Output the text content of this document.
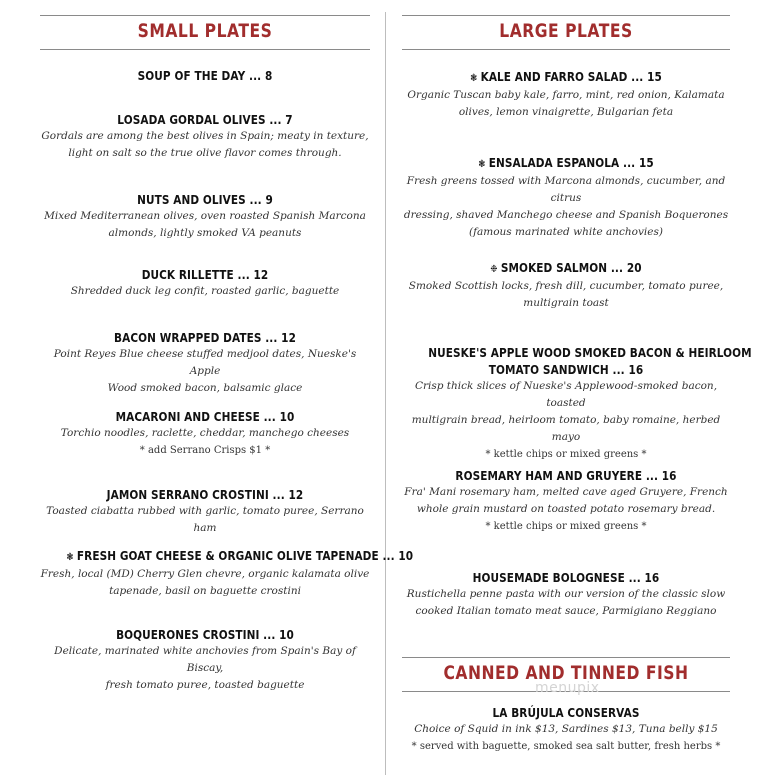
SMALL PLATES
SOUP OF THE DAY ... 8
LOSADA GORDAL OLIVES ... 7
Gordals are among the best olives in Spain; meaty in texture,
light on salt so the true olive flavor comes through.
NUTS AND OLIVES ... 9
Mixed Mediterranean olives, oven roasted Spanish Marcona
almonds, lightly smoked VA peanuts
DUCK RILLETTE ... 12
Shredded duck leg confit, roasted garlic, baguette
BACON WRAPPED DATES ... 12
Point Reyes Blue cheese stuffed medjool dates, Nueske's Apple
Wood smoked bacon, balsamic glace
MACARONI AND CHEESE ... 10
Torchio noodles, raclette, cheddar, manchego cheeses
* add Serrano Crisps $1 *
JAMON SERRANO CROSTINI ... 12
Toasted ciabatta rubbed with garlic, tomato puree, Serrano ham
❃ FRESH GOAT CHEESE & ORGANIC OLIVE TAPENADE ... 10
Fresh, local (MD) Cherry Glen chevre, organic kalamata olive
tapenade, basil on baguette crostini
BOQUERONES CROSTINI ... 10
Delicate, marinated white anchovies from Spain's Bay of Biscay,
fresh tomato puree, toasted baguette
LARGE PLATES
❃ KALE AND FARRO SALAD ... 15
Organic Tuscan baby kale, farro, mint, red onion, Kalamata
olives, lemon vinaigrette, Bulgarian feta
❃ ENSALADA ESPANOLA ... 15
Fresh greens tossed with Marcona almonds, cucumber, and citrus
dressing, shaved Manchego cheese and Spanish Boquerones
(famous marinated white anchovies)
❉ SMOKED SALMON ... 20
Smoked Scottish locks, fresh dill, cucumber, tomato puree,
multigrain toast
NUESKE'S APPLE WOOD SMOKED BACON & HEIRLOOM
TOMATO SANDWICH ... 16
Crisp thick slices of Nueske's Applewood-smoked bacon, toasted
multigrain bread, heirloom tomato, baby romaine, herbed mayo
* kettle chips or mixed greens *
ROSEMARY HAM AND GRUYERE ... 16
Fra' Mani rosemary ham, melted cave aged Gruyere, French
whole grain mustard on toasted potato rosemary bread.
* kettle chips or mixed greens *
HOUSEMADE BOLOGNESE ... 16
Rustichella penne pasta with our version of the classic slow
cooked Italian tomato meat sauce, Parmigiano Reggiano
CANNED AND TINNED FISH
LA BRÚJULA CONSERVAS
Choice of Squid in ink $13, Sardines $13, Tuna belly $15
* served with baguette, smoked sea salt butter, fresh herbs *
menupix
